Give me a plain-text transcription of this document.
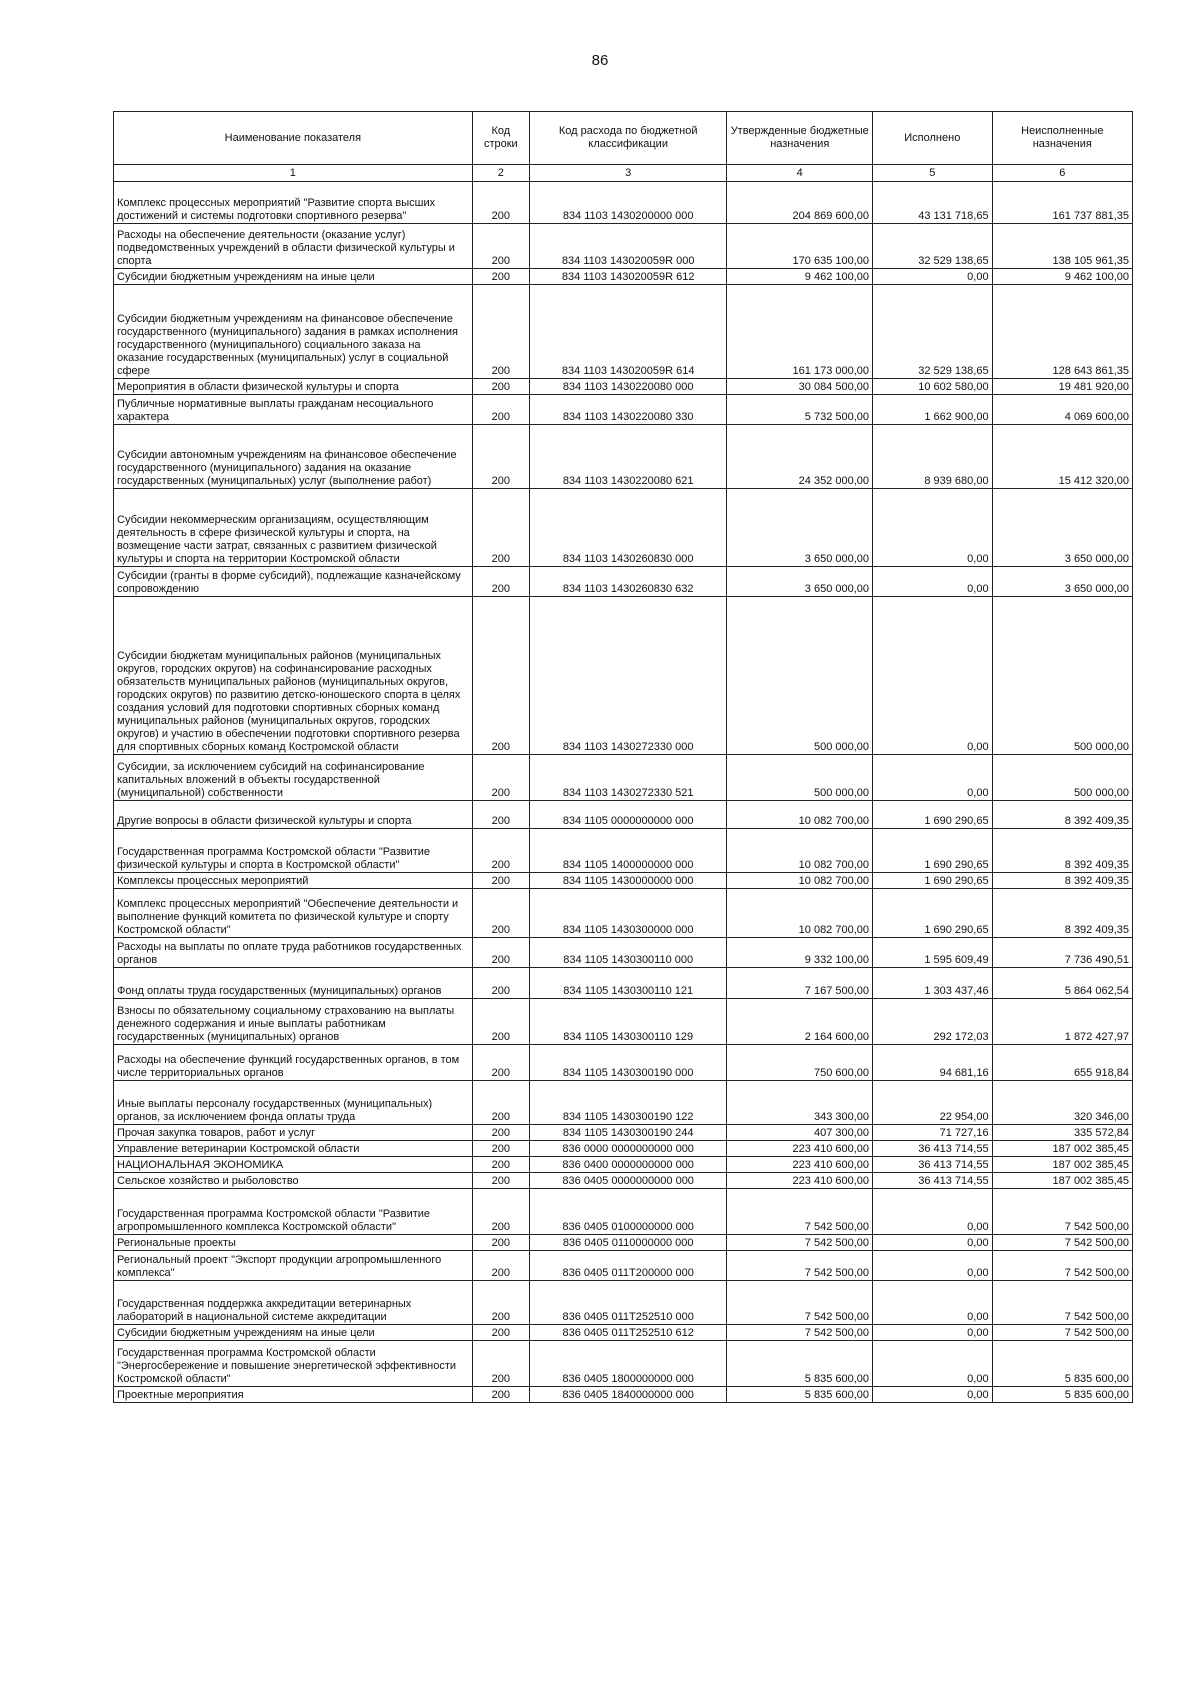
86
Наименование показателя	Код строки	Код расхода по бюджетной классификации	Утвержденные бюджетные назначения	Исполнено	Неисполненные назначения
1	2	3	4	5	6
Комплекс процессных мероприятий "Развитие спорта высших достижений и системы подготовки спортивного резерва"	200	834 1103 1430200000 000	204 869 600,00	43 131 718,65	161 737 881,35
Расходы на обеспечение деятельности (оказание услуг) подведомственных учреждений в области физической культуры и спорта	200	834 1103 143020059R 000	170 635 100,00	32 529 138,65	138 105 961,35
Субсидии бюджетным учреждениям на иные цели	200	834 1103 143020059R 612	9 462 100,00	0,00	9 462 100,00
Субсидии бюджетным учреждениям на финансовое обеспечение государственного (муниципального) задания в рамках исполнения государственного (муниципального) социального заказа на оказание государственных (муниципальных) услуг в социальной сфере	200	834 1103 143020059R 614	161 173 000,00	32 529 138,65	128 643 861,35
Мероприятия в области физической культуры и спорта	200	834 1103 1430220080 000	30 084 500,00	10 602 580,00	19 481 920,00
Публичные нормативные выплаты гражданам несоциального характера	200	834 1103 1430220080 330	5 732 500,00	1 662 900,00	4 069 600,00
Субсидии автономным учреждениям на финансовое обеспечение государственного (муниципального) задания на оказание государственных (муниципальных) услуг (выполнение работ)	200	834 1103 1430220080 621	24 352 000,00	8 939 680,00	15 412 320,00
Субсидии некоммерческим организациям, осуществляющим деятельность в сфере физической культуры и спорта, на возмещение части затрат, связанных с развитием физической культуры и спорта на территории Костромской области	200	834 1103 1430260830 000	3 650 000,00	0,00	3 650 000,00
Субсидии (гранты в форме субсидий), подлежащие казначейскому сопровождению	200	834 1103 1430260830 632	3 650 000,00	0,00	3 650 000,00
Субсидии бюджетам муниципальных районов (муниципальных округов, городских округов) на софинансирование расходных обязательств муниципальных районов (муниципальных округов, городских округов) по развитию детско-юношеского спорта в целях создания условий для подготовки спортивных сборных команд муниципальных районов (муниципальных округов, городских округов) и участию в обеспечении подготовки спортивного резерва для спортивных сборных команд Костромской области	200	834 1103 1430272330 000	500 000,00	0,00	500 000,00
Субсидии, за исключением субсидий на софинансирование капитальных вложений в объекты государственной (муниципальной) собственности	200	834 1103 1430272330 521	500 000,00	0,00	500 000,00
Другие вопросы в области физической культуры и спорта	200	834 1105 0000000000 000	10 082 700,00	1 690 290,65	8 392 409,35
Государственная программа Костромской области "Развитие физической культуры и спорта в Костромской области"	200	834 1105 1400000000 000	10 082 700,00	1 690 290,65	8 392 409,35
Комплексы процессных мероприятий	200	834 1105 1430000000 000	10 082 700,00	1 690 290,65	8 392 409,35
Комплекс процессных мероприятий "Обеспечение деятельности и выполнение функций комитета по физической культуре и спорту Костромской области"	200	834 1105 1430300000 000	10 082 700,00	1 690 290,65	8 392 409,35
Расходы на выплаты по оплате труда работников государственных органов	200	834 1105 1430300110 000	9 332 100,00	1 595 609,49	7 736 490,51
Фонд оплаты труда государственных (муниципальных) органов	200	834 1105 1430300110 121	7 167 500,00	1 303 437,46	5 864 062,54
Взносы по обязательному социальному страхованию на выплаты денежного содержания и иные выплаты работникам государственных (муниципальных) органов	200	834 1105 1430300110 129	2 164 600,00	292 172,03	1 872 427,97
Расходы на обеспечение функций государственных органов, в том числе территориальных органов	200	834 1105 1430300190 000	750 600,00	94 681,16	655 918,84
Иные выплаты персоналу государственных (муниципальных) органов, за исключением фонда оплаты труда	200	834 1105 1430300190 122	343 300,00	22 954,00	320 346,00
Прочая закупка товаров, работ и услуг	200	834 1105 1430300190 244	407 300,00	71 727,16	335 572,84
Управление ветеринарии Костромской области	200	836 0000 0000000000 000	223 410 600,00	36 413 714,55	187 002 385,45
НАЦИОНАЛЬНАЯ ЭКОНОМИКА	200	836 0400 0000000000 000	223 410 600,00	36 413 714,55	187 002 385,45
Сельское хозяйство и рыболовство	200	836 0405 0000000000 000	223 410 600,00	36 413 714,55	187 002 385,45
Государственная программа Костромской области "Развитие агропромышленного комплекса Костромской области"	200	836 0405 0100000000 000	7 542 500,00	0,00	7 542 500,00
Региональные проекты	200	836 0405 0110000000 000	7 542 500,00	0,00	7 542 500,00
Региональный проект "Экспорт продукции агропромышленного комплекса"	200	836 0405 011Т200000 000	7 542 500,00	0,00	7 542 500,00
Государственная поддержка аккредитации ветеринарных лабораторий в национальной системе аккредитации	200	836 0405 011Т252510 000	7 542 500,00	0,00	7 542 500,00
Субсидии бюджетным учреждениям на иные цели	200	836 0405 011Т252510 612	7 542 500,00	0,00	7 542 500,00
Государственная программа Костромской области "Энергосбережение и повышение энергетической эффективности Костромской области"	200	836 0405 1800000000 000	5 835 600,00	0,00	5 835 600,00
Проектные мероприятия	200	836 0405 1840000000 000	5 835 600,00	0,00	5 835 600,00
